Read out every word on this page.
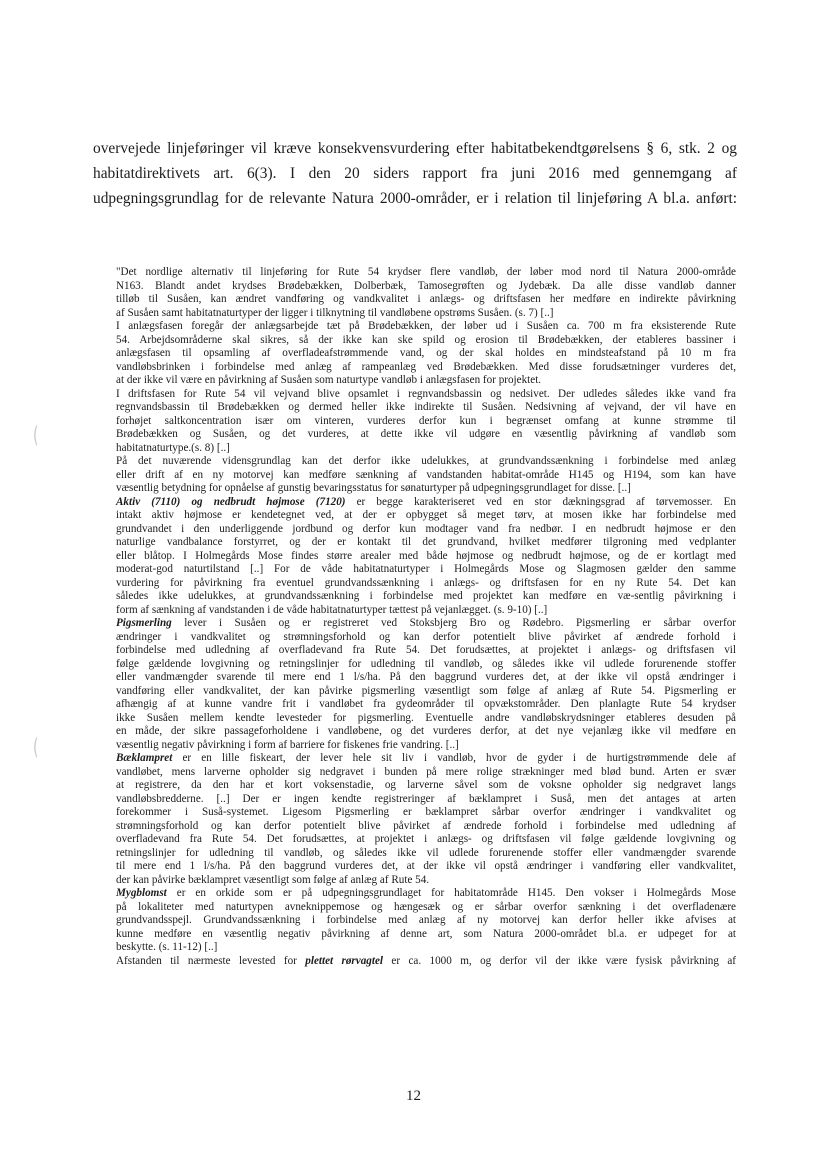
overvejede linjeføringer vil kræve konsekvensvurdering efter habitatbekendtgørelsens § 6, stk. 2 og
habitatdirektivets art. 6(3). I den 20 siders rapport fra juni 2016 med gennemgang af
udpegningsgrundlag for de relevante Natura 2000-områder, er i relation til linjeføring A bl.a. anført:
"Det nordlige alternativ til linjeføring for Rute 54 krydser flere vandløb, der løber mod nord til Natura 2000-område
N163. Blandt andet krydses Brødebækken, Dolberbæk, Tamosegrøften og Jydebæk. Da alle disse vandløb danner
tilløb til Susåen, kan ændret vandføring og vandkvalitet i anlægs- og driftsfasen her medføre en indirekte påvirkning
af Susåen samt habitatnaturtyper der ligger i tilknytning til vandløbene opstrøms Susåen. (s. 7) [..]
I anlægsfasen foregår der anlægsarbejde tæt på Brødebækken, der løber ud i Susåen ca. 700 m fra eksisterende Rute
54. Arbejdsområderne skal sikres, så der ikke kan ske spild og erosion til Brødebækken, der etableres bassiner i
anlægsfasen til opsamling af overfladeafstrømmende vand, og der skal holdes en mindsteafstand på 10 m fra
vandløbsbrinken i forbindelse med anlæg af rampeanlæg ved Brødebækken. Med disse forudsætninger vurderes det,
at der ikke vil være en påvirkning af Susåen som naturtype vandløb i anlægsfasen for projektet.
I driftsfasen for Rute 54 vil vejvand blive opsamlet i regnvandsbassin og nedsivet. Der udledes således ikke vand fra
regnvandsbassin til Brødebækken og dermed heller ikke indirekte til Susåen. Nedsivning af vejvand, der vil have en
forhøjet saltkoncentration især om vinteren, vurderes derfor kun i begrænset omfang at kunne strømme til
Brødebækken og Susåen, og det vurderes, at dette ikke vil udgøre en væsentlig påvirkning af vandløb som
habitatnaturtype.(s. 8) [..]
På det nuværende vidensgrundlag kan det derfor ikke udelukkes, at grundvandssænkning i forbindelse med anlæg
eller drift af en ny motorvej kan medføre sænkning af vandstanden habitat-område H145 og H194, som kan have
væsentlig betydning for opnåelse af gunstig bevaringsstatus for sønaturtyper på udpegningsgrundlaget for disse. [..]
Aktiv (7110) og nedbrudt højmose (7120) er begge karakteriseret ved en stor dækningsgrad af tørvemosser. En
intakt aktiv højmose er kendetegnet ved, at der er opbygget så meget tørv, at mosen ikke har forbindelse med
grundvandet i den underliggende jordbund og derfor kun modtager vand fra nedbør. I en nedbrudt højmose er den
naturlige vandbalance forstyrret, og der er kontakt til det grundvand, hvilket medfører tilgroning med vedplanter
eller blåtop. I Holmegårds Mose findes større arealer med både højmose og nedbrudt højmose, og de er kortlagt med
moderat-god naturtilstand [..] For de våde habitatnaturtyper i Holmegårds Mose og Slagmosen gælder den samme
vurdering for påvirkning fra eventuel grundvandssænkning i anlægs- og driftsfasen for en ny Rute 54. Det kan
således ikke udelukkes, at grundvandssænkning i forbindelse med projektet kan medføre en væ-sentlig påvirkning i
form af sænkning af vandstanden i de våde habitatnaturtyper tættest på vejanlægget. (s. 9-10) [..]
Pigsmerling lever i Susåen og er registreret ved Stoksbjerg Bro og Rødebro. Pigsmerling er sårbar overfor
ændringer i vandkvalitet og strømningsforhold og kan derfor potentielt blive påvirket af ændrede forhold i
forbindelse med udledning af overfladevand fra Rute 54. Det forudsættes, at projektet i anlægs- og driftsfasen vil
følge gældende lovgivning og retningslinjer for udledning til vandløb, og således ikke vil udlede forurenende stoffer
eller vandmængder svarende til mere end 1 l/s/ha. På den baggrund vurderes det, at der ikke vil opstå ændringer i
vandføring eller vandkvalitet, der kan påvirke pigsmerling væsentligt som følge af anlæg af Rute 54. Pigsmerling er
afhængig af at kunne vandre frit i vandløbet fra gydeområder til opvækstområder. Den planlagte Rute 54 krydser
ikke Susåen mellem kendte levesteder for pigsmerling. Eventuelle andre vandløbskrydsninger etableres desuden på
en måde, der sikre passageforholdene i vandløbene, og det vurderes derfor, at det nye vejanlæg ikke vil medføre en
væsentlig negativ påvirkning i form af barriere for fiskenes frie vandring. [..]
Bæklampret er en lille fiskeart, der lever hele sit liv i vandløb, hvor de gyder i de hurtigstrømmende dele af
vandløbet, mens larverne opholder sig nedgravet i bunden på mere rolige strækninger med blød bund. Arten er svær
at registrere, da den har et kort voksenstadie, og larverne såvel som de voksne opholder sig nedgravet langs
vandløbsbredderne. [..] Der er ingen kendte registreringer af bæklampret i Suså, men det antages at arten
forekommer i Suså-systemet. Ligesom Pigsmerling er bæklampret sårbar overfor ændringer i vandkvalitet og
strømningsforhold og kan derfor potentielt blive påvirket af ændrede forhold i forbindelse med udledning af
overfladevand fra Rute 54. Det forudsættes, at projektet i anlægs- og driftsfasen vil følge gældende lovgivning og
retningslinjer for udledning til vandløb, og således ikke vil udlede forurenende stoffer eller vandmængder svarende
til mere end 1 l/s/ha. På den baggrund vurderes det, at der ikke vil opstå ændringer i vandføring eller vandkvalitet,
der kan påvirke bæklampret væsentligt som følge af anlæg af Rute 54.
Mygblomst er en orkide som er på udpegningsgrundlaget for habitatområde H145. Den vokser i Holmegårds Mose
på lokaliteter med naturtypen avneknippemose og hængesæk og er sårbar overfor sænkning i det overfladenære
grundvandsspejl. Grundvandssænkning i forbindelse med anlæg af ny motorvej kan derfor heller ikke afvises at
kunne medføre en væsentlig negativ påvirkning af denne art, som Natura 2000-området bl.a. er udpeget for at
beskytte. (s. 11-12) [..]
Afstanden til nærmeste levested for plettet rørvagtel er ca. 1000 m, og derfor vil der ikke være fysisk påvirkning af
(
(
12
